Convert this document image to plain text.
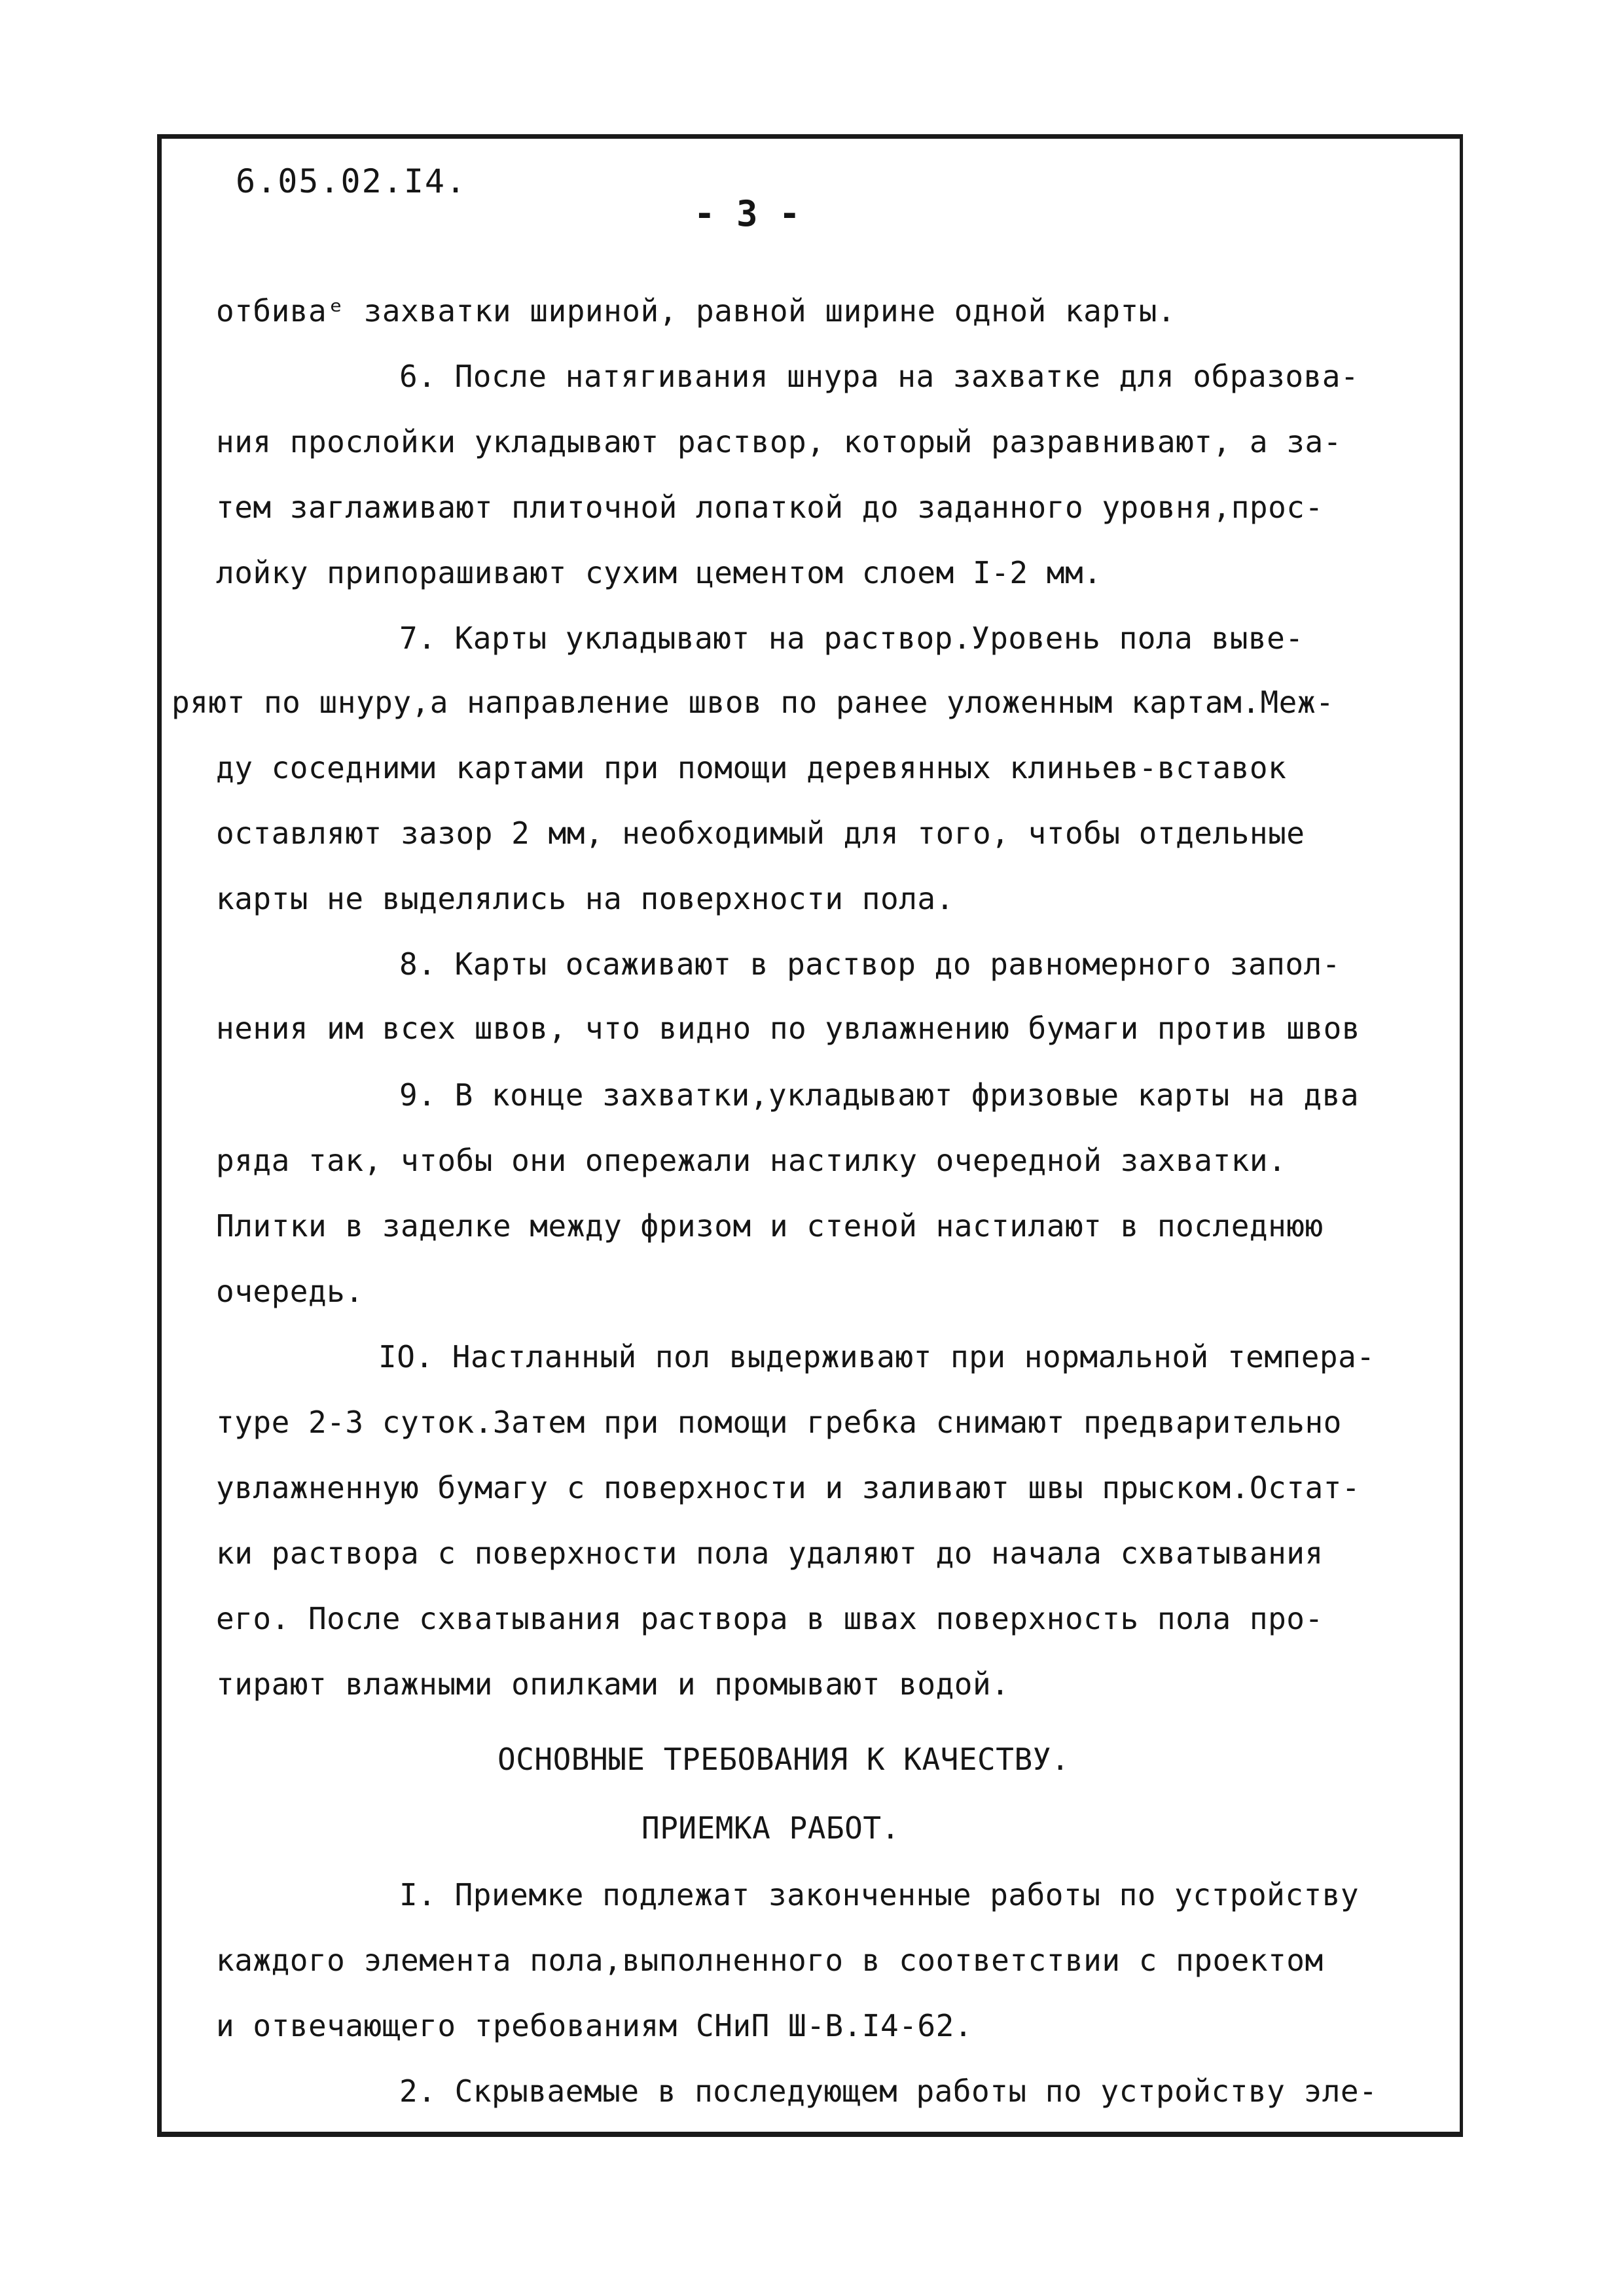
6.05.02.I4.
- 3 -
отбиваᵉ захватки шириной, равной ширине одной карты.
6. После натягивания шнура на захватке для образова-
ния прослойки укладывают раствор, который разравнивают, а за-
тем заглаживают плиточной лопаткой до заданного уровня,прос-
лойку припорашивают сухим цементом слоем I-2 мм.
7. Карты укладывают на раствор.Уровень пола выве-
ряют по шнуру,а направление швов по ранее уложенным картам.Меж-
ду соседними картами при помощи деревянных клиньев-вставок
оставляют зазор 2 мм, необходимый для того, чтобы отдельные
карты не выделялись на поверхности пола.
8. Карты осаживают в раствор до равномерного запол-
нения им всех швов, что видно по увлажнению бумаги против швов
9. В конце захватки,укладывают фризовые карты на два
ряда так, чтобы они опережали настилку очередной захватки.
Плитки в заделке между фризом и стеной настилают в последнюю
очередь.
IO. Настланный пол выдерживают при нормальной темпера-
туре 2-3 суток.Затем при помощи гребка снимают предварительно
увлажненную бумагу с поверхности и заливают швы прыском.Остат-
ки раствора с поверхности пола удаляют до начала схватывания
его. После схватывания раствора в швах поверхность пола про-
тирают влажными опилками и промывают водой.
ОСНОВНЫЕ ТРЕБОВАНИЯ К КАЧЕСТВУ.
ПРИЕМКА РАБОТ.
I. Приемке подлежат законченные работы по устройству
каждого элемента пола,выполненного в соответствии с проектом
и отвечающего требованиям СНиП Ш-В.I4-62.
2. Скрываемые в последующем работы по устройству эле-
